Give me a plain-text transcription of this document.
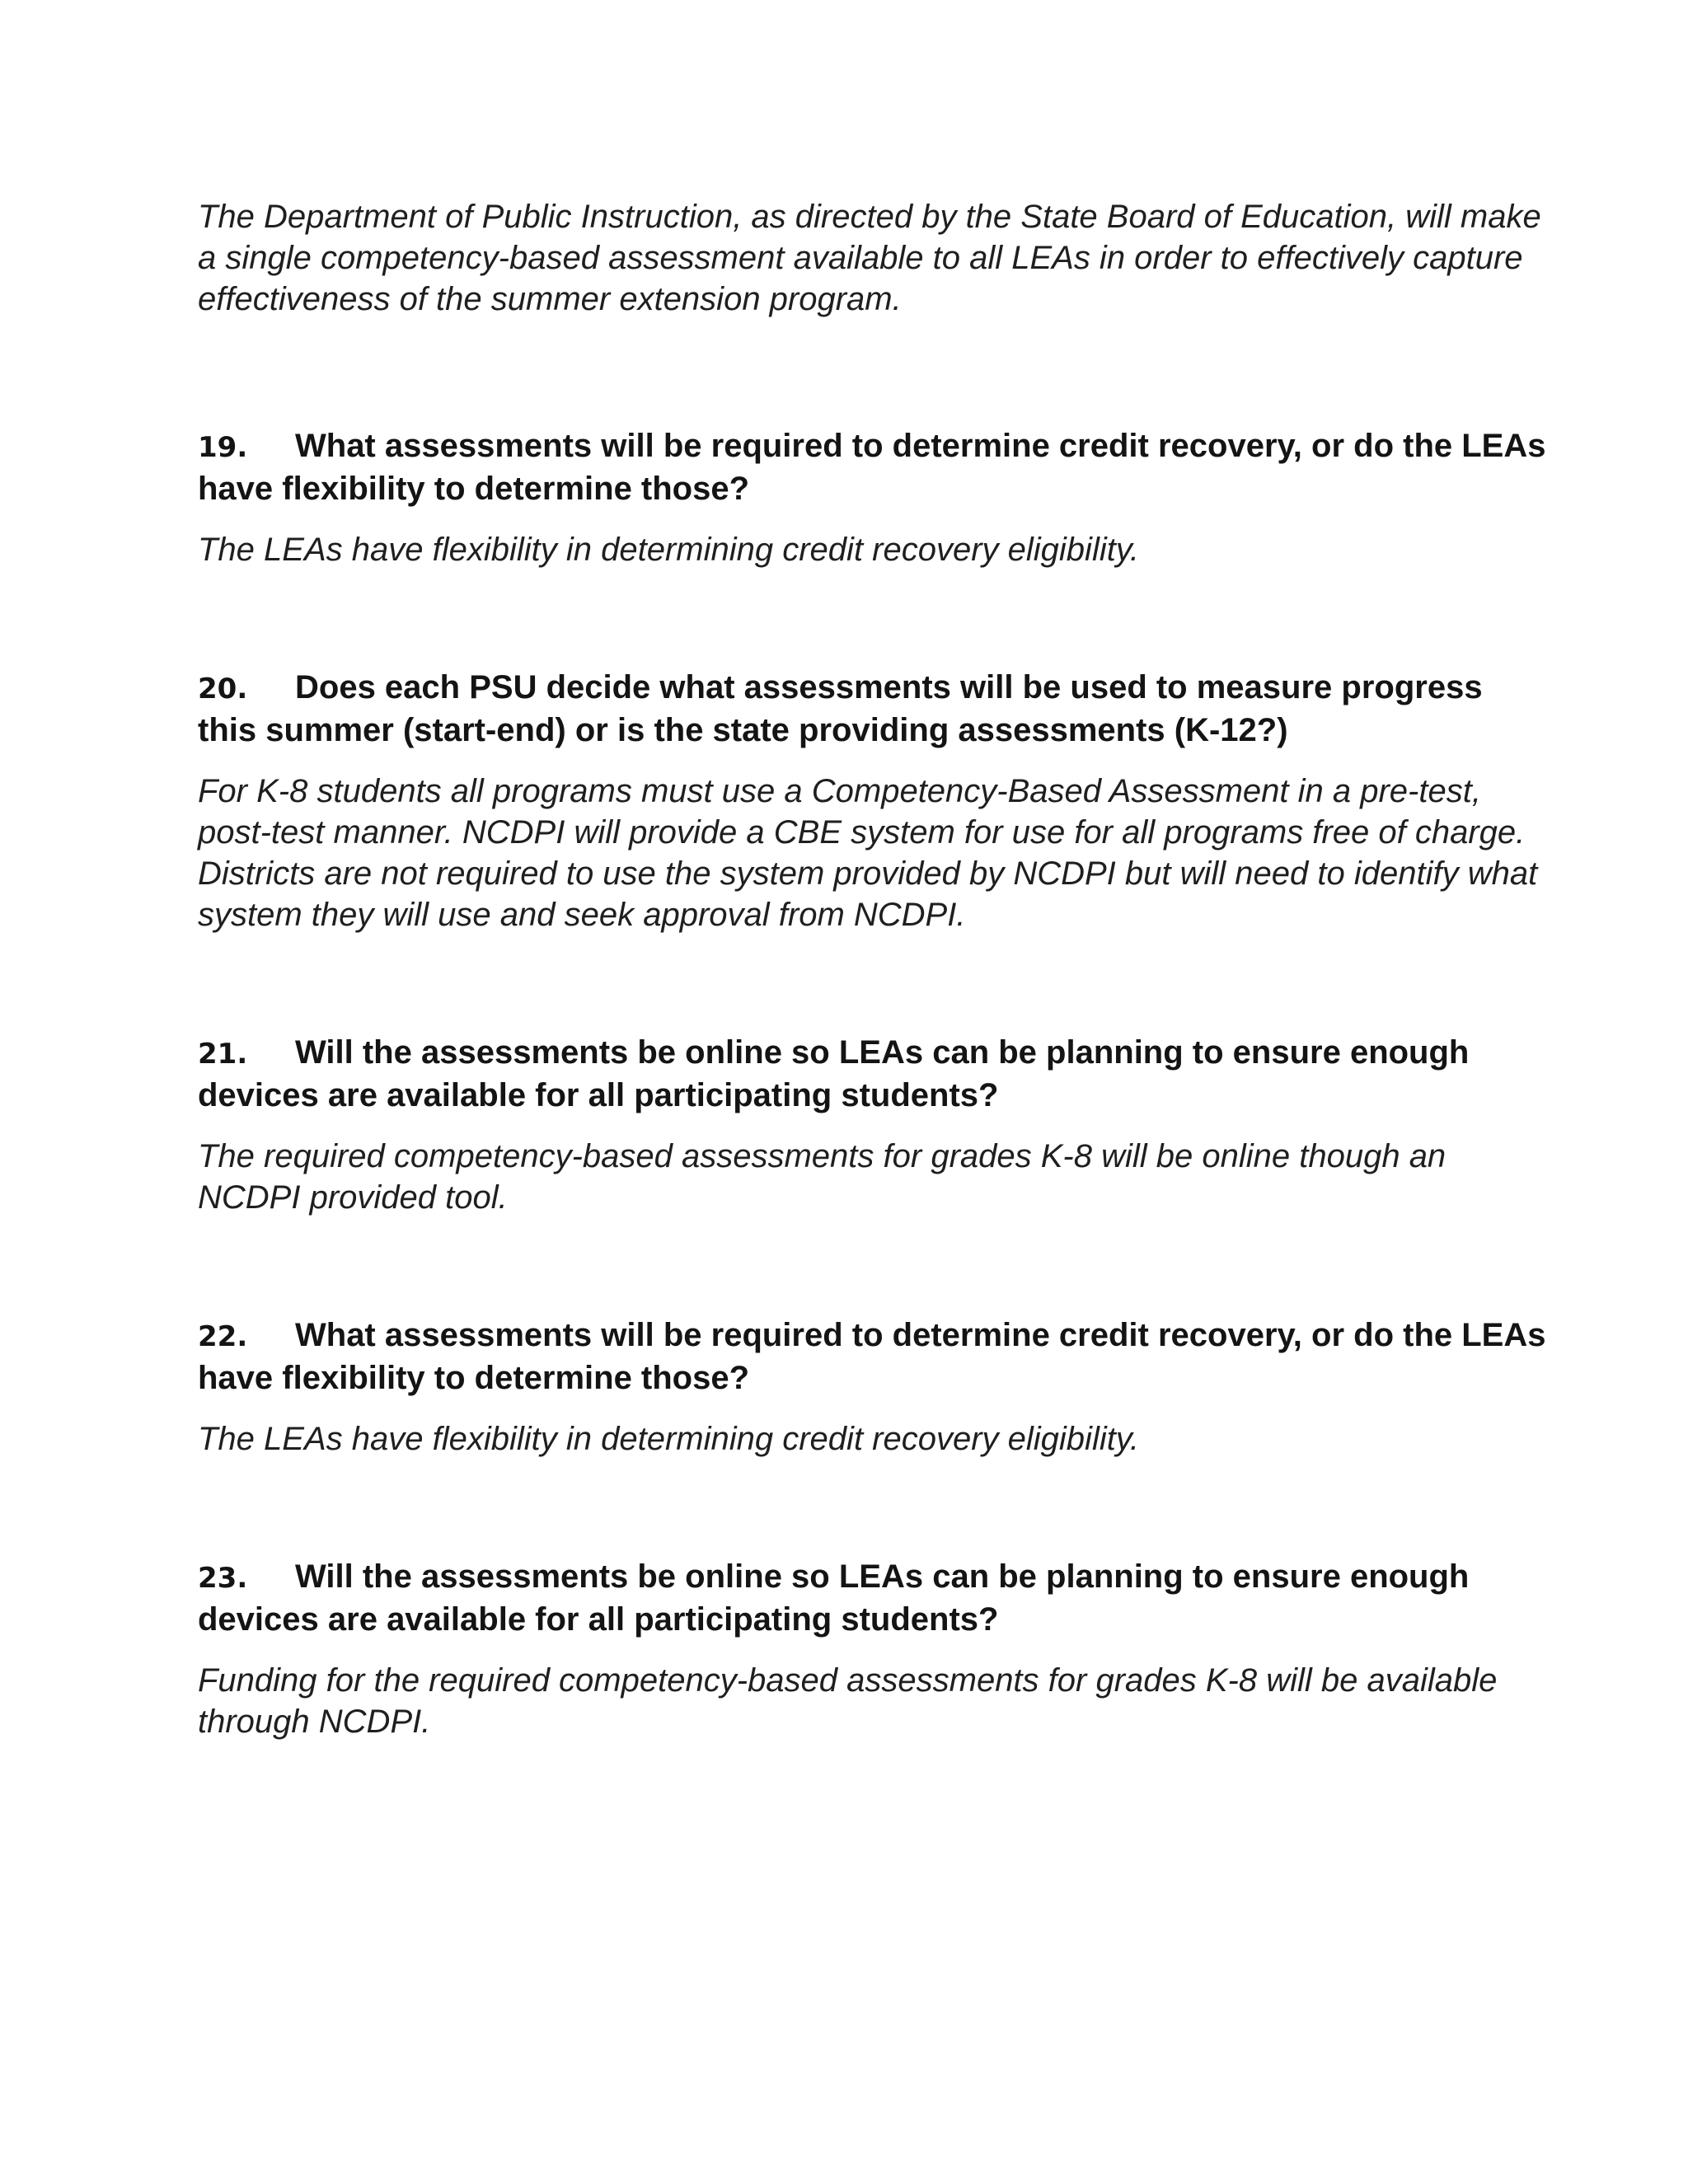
The Department of Public Instruction, as directed by the State Board of Education, will make a single competency-based assessment available to all LEAs in order to effectively capture effectiveness of the summer extension program.

19. What assessments will be required to determine credit recovery, or do the LEAs have flexibility to determine those?

The LEAs have flexibility in determining credit recovery eligibility.

20. Does each PSU decide what assessments will be used to measure progress this summer (start-end) or is the state providing assessments (K-12?)

For K-8 students all programs must use a Competency-Based Assessment in a pre-test, post-test manner. NCDPI will provide a CBE system for use for all programs free of charge. Districts are not required to use the system provided by NCDPI but will need to identify what system they will use and seek approval from NCDPI.

21. Will the assessments be online so LEAs can be planning to ensure enough devices are available for all participating students?

The required competency-based assessments for grades K-8 will be online though an NCDPI provided tool.

22. What assessments will be required to determine credit recovery, or do the LEAs have flexibility to determine those?

The LEAs have flexibility in determining credit recovery eligibility.

23. Will the assessments be online so LEAs can be planning to ensure enough devices are available for all participating students?

Funding for the required competency-based assessments for grades K-8 will be available through NCDPI.
